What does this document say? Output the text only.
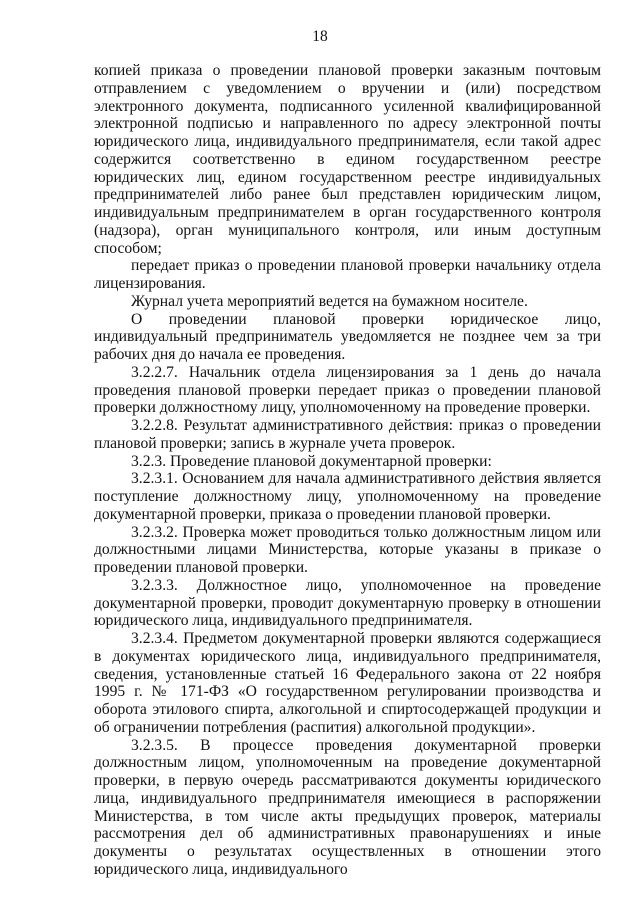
18

копией приказа о проведении плановой проверки заказным почтовым отправлением с уведомлением о вручении и (или) посредством электронного документа, подписанного усиленной квалифицированной электронной подписью и направленного по адресу электронной почты юридического лица, индивидуального предпринимателя, если такой адрес содержится соответственно в едином государственном реестре юридических лиц, едином государственном реестре индивидуальных предпринимателей либо ранее был представлен юридическим лицом, индивидуальным предпринимателем в орган государственного контроля (надзора), орган муниципального контроля, или иным доступным способом;

передает приказ о проведении плановой проверки начальнику отдела лицензирования.

Журнал учета мероприятий ведется на бумажном носителе.

О проведении плановой проверки юридическое лицо, индивидуальный предприниматель уведомляется не позднее чем за три рабочих дня до начала ее проведения.

3.2.2.7. Начальник отдела лицензирования за 1 день до начала проведения плановой проверки передает приказ о проведении плановой проверки должностному лицу, уполномоченному на проведение проверки.

3.2.2.8. Результат административного действия: приказ о проведении плановой проверки; запись в журнале учета проверок.

3.2.3. Проведение плановой документарной проверки:

3.2.3.1. Основанием для начала административного действия является поступление должностному лицу, уполномоченному на проведение документарной проверки, приказа о проведении плановой проверки.

3.2.3.2. Проверка может проводиться только должностным лицом или должностными лицами Министерства, которые указаны в приказе о проведении плановой проверки.

3.2.3.3. Должностное лицо, уполномоченное на проведение документарной проверки, проводит документарную проверку в отношении юридического лица, индивидуального предпринимателя.

3.2.3.4. Предметом документарной проверки являются содержащиеся в документах юридического лица, индивидуального предпринимателя, сведения, установленные статьей 16 Федерального закона от 22 ноября 1995 г. № 171-ФЗ «О государственном регулировании производства и оборота этилового спирта, алкогольной и спиртосодержащей продукции и об ограничении потребления (распития) алкогольной продукции».

3.2.3.5. В процессе проведения документарной проверки должностным лицом, уполномоченным на проведение документарной проверки, в первую очередь рассматриваются документы юридического лица, индивидуального предпринимателя имеющиеся в распоряжении Министерства, в том числе акты предыдущих проверок, материалы рассмотрения дел об административных правонарушениях и иные документы о результатах осуществленных в отношении этого юридического лица, индивидуального
